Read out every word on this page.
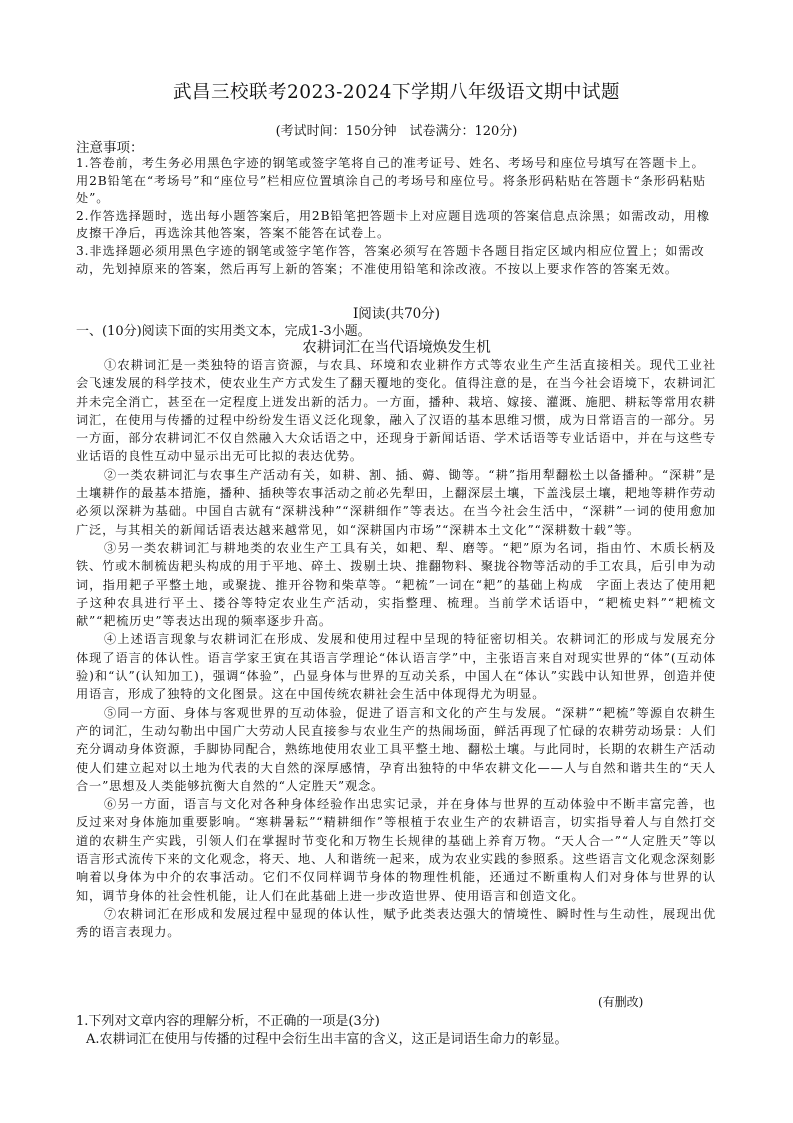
武昌三校联考2023-2024下学期八年级语文期中试题
(考试时间：150分钟　试卷满分：120分)
注意事项：

1.答卷前，考生务必用黑色字迹的钢笔或签字笔将自己的准考证号、姓名、考场号和座位号填写在答题卡上。用2B铅笔在“考场号”和“座位号”栏相应位置填涂自己的考场号和座位号。将条形码粘贴在答题卡“条形码粘贴处”。

2.作答选择题时，选出每小题答案后，用2B铅笔把答题卡上对应题目选项的答案信息点涂黑；如需改动，用橡皮擦干净后，再选涂其他答案，答案不能答在试卷上。

3.非选择题必须用黑色字迹的钢笔或签字笔作答，答案必须写在答题卡各题目指定区域内相应位置上；如需改动，先划掉原来的答案，然后再写上新的答案；不准使用铅笔和涂改液。不按以上要求作答的答案无效。

Ⅰ阅读(共70分)
一、(10分)阅读下面的实用类文本，完成1-3小题。
农耕词汇在当代语境焕发生机

①农耕词汇是一类独特的语言资源，与农具、环境和农业耕作方式等农业生产生活直接相关。现代工业社会飞速发展的科学技术，使农业生产方式发生了翻天覆地的变化。值得注意的是，在当今社会语境下，农耕词汇并未完全消亡，甚至在一定程度上迸发出新的活力。一方面，播种、栽培、嫁接、灌溉、施肥、耕耘等常用农耕词汇，在使用与传播的过程中纷纷发生语义泛化现象，融入了汉语的基本思维习惯，成为日常语言的一部分。另一方面，部分农耕词汇不仅自然融入大众话语之中，还现身于新闻话语、学术话语等专业话语中，并在与这些专业话语的良性互动中显示出无可比拟的表达优势。

②一类农耕词汇与农事生产活动有关，如耕、割、插、薅、锄等。“耕”指用犁翻松土以备播种。“深耕”是土壤耕作的最基本措施，播种、插秧等农事活动之前必先犁田，上翻深层土壤，下盖浅层土壤，耙地等耕作劳动必须以深耕为基础。中国自古就有“深耕浅种”“深耕细作”等表达。在当今社会生活中，“深耕”一词的使用愈加广泛，与其相关的新闻话语表达越来越常见，如“深耕国内市场”“深耕本土文化”“深耕数十载”等。

③另一类农耕词汇与耕地类的农业生产工具有关，如耙、犁、磨等。“耙”原为名词，指由竹、木质长柄及铁、竹或木制梳齿耙头构成的用于平地、碎土、拨剔土块、推翻物料、聚拢谷物等活动的手工农具，后引申为动词，指用耙子平整土地，或聚拢、推开谷物和柴草等。“耙梳”一词在“耙”的基础上构成　字面上表达了使用耙子这种农具进行平土、搂谷等特定农业生产活动，实指整理、梳理。当前学术话语中，“耙梳史料”“耙梳文献”“耙梳历史”等表达出现的频率逐步升高。

④上述语言现象与农耕词汇在形成、发展和使用过程中呈现的特征密切相关。农耕词汇的形成与发展充分体现了语言的体认性。语言学家王寅在其语言学理论“体认语言学”中，主张语言来自对现实世界的“体”(互动体验)和“认”(认知加工)，强调“体验”，凸显身体与世界的互动关系，中国人在“体认”实践中认知世界，创造并使用语言，形成了独特的文化图景。这在中国传统农耕社会生活中体现得尤为明显。

⑤同一方面、身体与客观世界的互动体验，促进了语言和文化的产生与发展。“深耕”“耙梳”等源自农耕生产的词汇，生动勾勒出中国广大劳动人民直接参与农业生产的热闹场面，鲜活再现了忙碌的农耕劳动场景：人们充分调动身体资源，手脚协同配合，熟练地使用农业工具平整土地、翻松土壤。与此同时，长期的农耕生产活动使人们建立起对以土地为代表的大自然的深厚感情，孕育出独特的中华农耕文化——人与自然和谐共生的“天人合一”思想及人类能够抗衡大自然的“人定胜天”观念。

⑥另一方面，语言与文化对各种身体经验作出忠实记录，并在身体与世界的互动体验中不断丰富完善，也反过来对身体施加重要影响。“寒耕暑耘”“精耕细作”等根植于农业生产的农耕语言，切实指导着人与自然打交道的农耕生产实践，引领人们在掌握时节变化和万物生长规律的基础上养育万物。“天人合一”“人定胜天”等以语言形式流传下来的文化观念，将天、地、人和谐统一起来，成为农业实践的参照系。这些语言文化观念深刻影响着以身体为中介的农事活动。它们不仅同样调节身体的物理性机能，还通过不断重构人们对身体与世界的认知，调节身体的社会性机能，让人们在此基础上进一步改造世界、使用语言和创造文化。

⑦农耕词汇在形成和发展过程中显现的体认性，赋予此类表达强大的情境性、瞬时性与生动性，展现出优秀的语言表现力。

(有删改)
1.下列对文章内容的理解分析，不正确的一项是(3分)
A.农耕词汇在使用与传播的过程中会衍生出丰富的含义，这正是词语生命力的彰显。
